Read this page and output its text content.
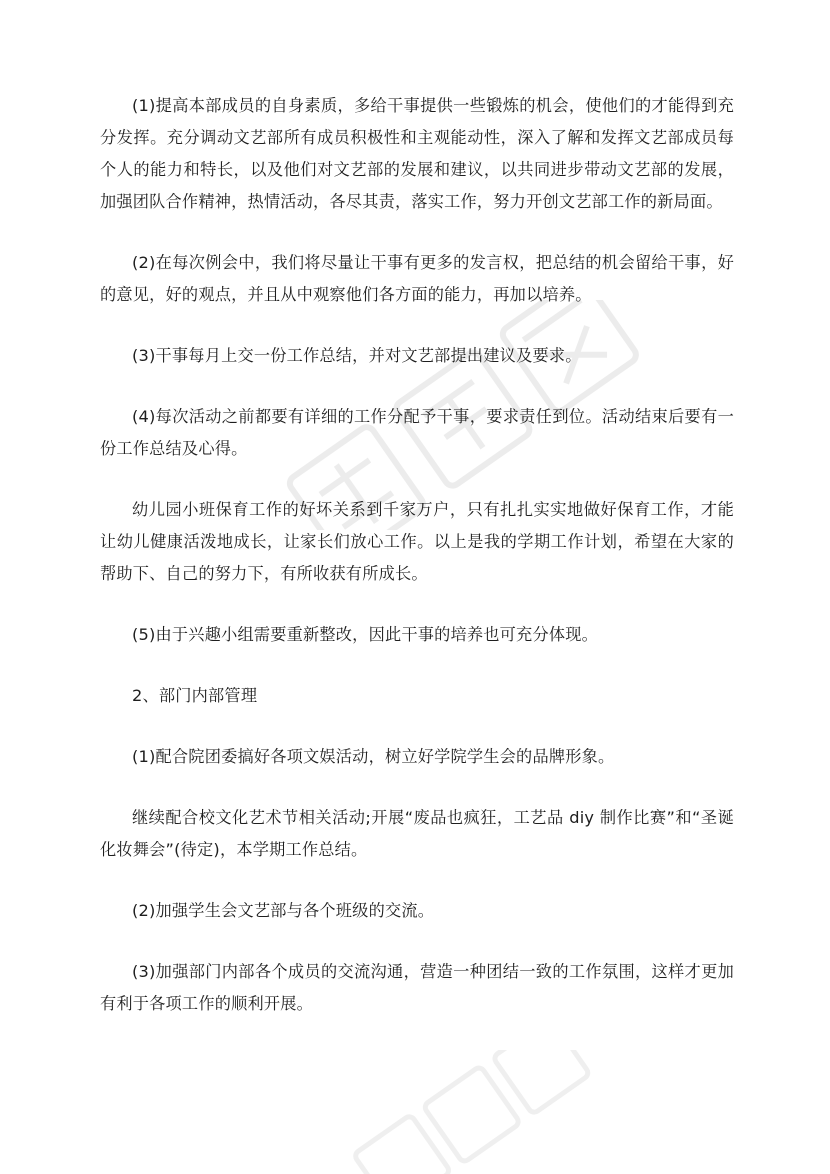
(1)提高本部成员的自身素质，多给干事提供一些锻炼的机会，使他们的才能得到充分发挥。充分调动文艺部所有成员积极性和主观能动性，深入了解和发挥文艺部成员每个人的能力和特长，以及他们对文艺部的发展和建议，以共同进步带动文艺部的发展，加强团队合作精神，热情活动，各尽其责，落实工作，努力开创文艺部工作的新局面。

(2)在每次例会中，我们将尽量让干事有更多的发言权，把总结的机会留给干事，好的意见，好的观点，并且从中观察他们各方面的能力，再加以培养。

(3)干事每月上交一份工作总结，并对文艺部提出建议及要求。

(4)每次活动之前都要有详细的工作分配予干事，要求责任到位。活动结束后要有一份工作总结及心得。

幼儿园小班保育工作的好坏关系到千家万户，只有扎扎实实地做好保育工作，才能让幼儿健康活泼地成长，让家长们放心工作。以上是我的学期工作计划，希望在大家的帮助下、自己的努力下，有所收获有所成长。

(5)由于兴趣小组需要重新整改，因此干事的培养也可充分体现。

2、部门内部管理

(1)配合院团委搞好各项文娱活动，树立好学院学生会的品牌形象。

继续配合校文化艺术节相关活动;开展“废品也疯狂，工艺品 diy 制作比赛”和“圣诞化妆舞会”(待定)，本学期工作总结。

(2)加强学生会文艺部与各个班级的交流。

(3)加强部门内部各个成员的交流沟通，营造一种团结一致的工作氛围，这样才更加有利于各项工作的顺利开展。
